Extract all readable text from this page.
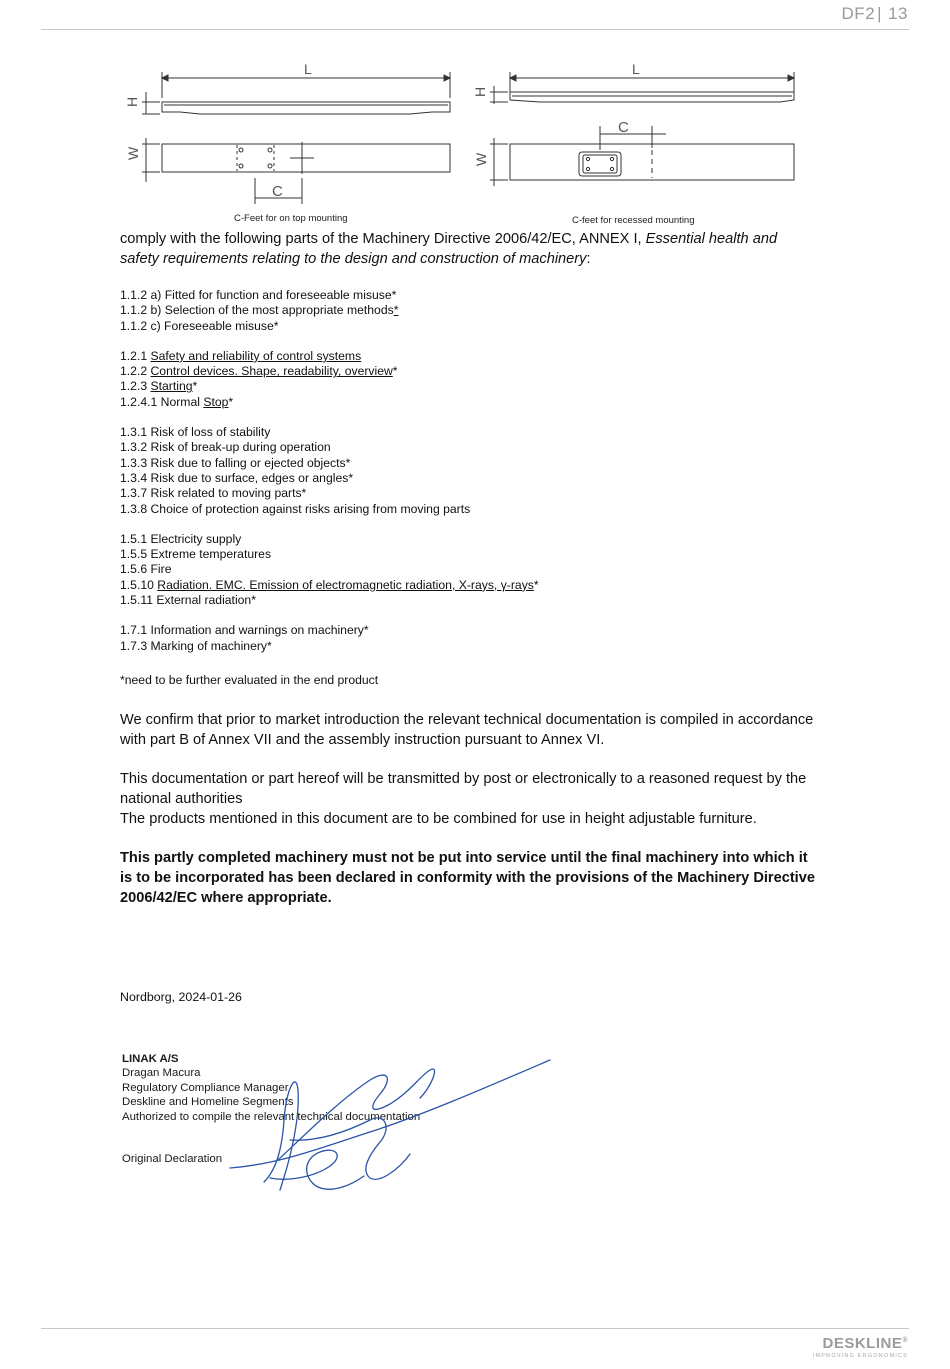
DF2 | 13
L	L
H
H
W	W
C
C
C-Feet for on top mounting	C-feet for recessed mounting

comply with the following parts of the Machinery Directive 2006/42/EC, ANNEX I, Essential health and safety requirements relating to the design and construction of machinery:

1.1.2 a) Fitted for function and foreseeable misuse*
1.1.2 b) Selection of the most appropriate methods*
1.1.2 c) Foreseeable misuse*
1.2.1 Safety and reliability of control systems
1.2.2 Control devices. Shape, readability, overview*
1.2.3 Starting*
1.2.4.1 Normal Stop*
1.3.1 Risk of loss of stability
1.3.2 Risk of break-up during operation
1.3.3 Risk due to falling or ejected objects*
1.3.4 Risk due to surface, edges or angles*
1.3.7 Risk related to moving parts*
1.3.8 Choice of protection against risks arising from moving parts
1.5.1 Electricity supply
1.5.5 Extreme temperatures
1.5.6 Fire
1.5.10 Radiation. EMC. Emission of electromagnetic radiation, X-rays, γ-rays*
1.5.11 External radiation*
1.7.1 Information and warnings on machinery*
1.7.3 Marking of machinery*

*need to be further evaluated in the end product

We confirm that prior to market introduction the relevant technical documentation is compiled in accordance with part B of Annex VII and the assembly instruction pursuant to Annex VI.

This documentation or part hereof will be transmitted by post or electronically to a reasoned request by the national authorities

The products mentioned in this document are to be combined for use in height adjustable furniture.

This partly completed machinery must not be put into service until the final machinery into which it is to be incorporated has been declared in conformity with the provisions of the Machinery Directive 2006/42/EC where appropriate.

Nordborg, 2024-01-26
LINAK A/S
Dragan Macura
Regulatory Compliance Manager
Deskline and Homeline Segments
Authorized to compile the relevant technical documentation
Original Declaration
DESKLINE®
IMPROVING ERGONOMICS
